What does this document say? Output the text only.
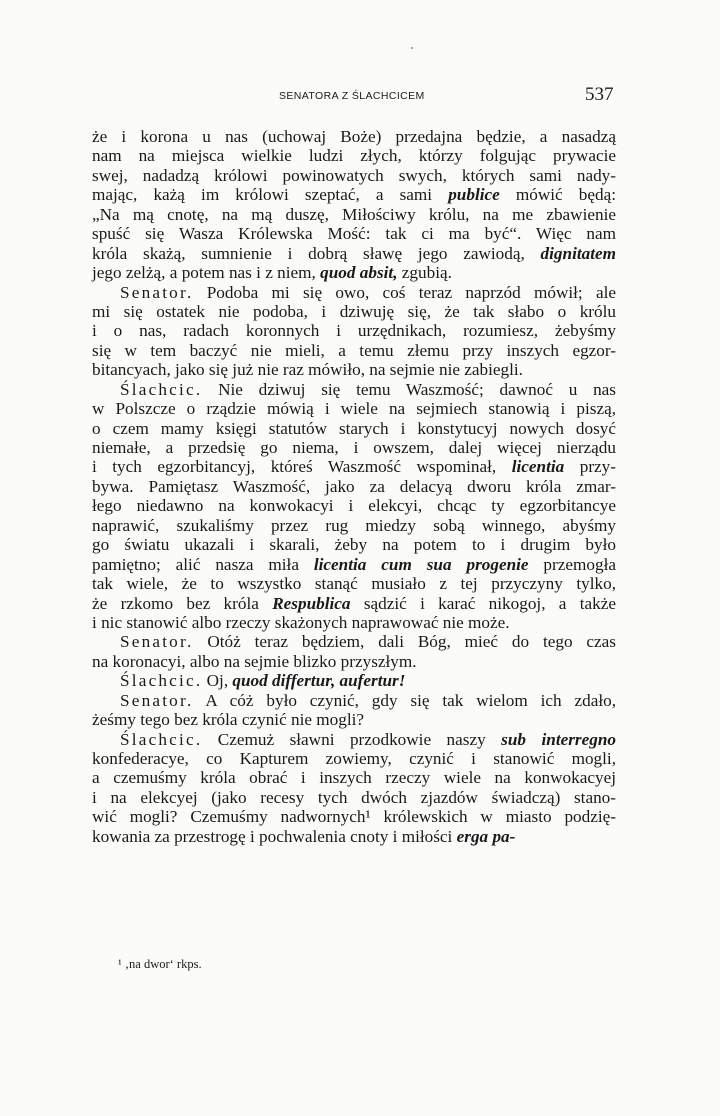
SENATORA Z ŚLACHCICEM	537
że i korona u nas (uchowaj Boże) przedajna będzie, a nasadzą
nam na miejsca wielkie ludzi złych, którzy folgując prywacie
swej, nadadzą królowi powinowatych swych, których sami nady-
mając, każą im królowi szeptać, a sami publice mówić będą:
„Na mą cnotę, na mą duszę, Miłościwy królu, na me zbawienie
spuść się Wasza Królewska Mość: tak ci ma być“. Więc nam
króla skażą, sumnienie i dobrą sławę jego zawiodą, dignitatem
jego zelżą, a potem nas i z niem, quod absit, zgubią.
Senator. Podoba mi się owo, coś teraz naprzód mówił; ale
mi się ostatek nie podoba, i dziwuję się, że tak słabo o królu
i o nas, radach koronnych i urzędnikach, rozumiesz, żebyśmy
się w tem baczyć nie mieli, a temu złemu przy inszych egzor-
bitancyach, jako się już nie raz mówiło, na sejmie nie zabiegli.
Ślachcic. Nie dziwuj się temu Waszmość; dawnoć u nas
w Polszcze o rządzie mówią i wiele na sejmiech stanowią i piszą,
o czem mamy księgi statutów starych i konstytucyj nowych dosyć
niemałe, a przedsię go niema, i owszem, dalej więcej nierządu
i tych egzorbitancyj, któreś Waszmość wspominał, licentia przy-
bywa. Pamiętasz Waszmość, jako za delacyą dworu króla zmar-
łego niedawno na konwokacyi i elekcyi, chcąc ty egzorbitancye
naprawić, szukaliśmy przez rug miedzy sobą winnego, abyśmy
go światu ukazali i skarali, żeby na potem to i drugim było
pamiętno; alić nasza miła licentia cum sua progenie przemogła
tak wiele, że to wszystko stanąć musiało z tej przyczyny tylko,
że rzkomo bez króla Respublica sądzić i karać nikogoj, a także
i nic stanowić albo rzeczy skażonych naprawować nie może.
Senator. Otóż teraz będziem, dali Bóg, mieć do tego czas
na koronacyi, albo na sejmie blizko przyszłym.
Ślachcic. Oj, quod differtur, aufertur!
Senator. A cóż było czynić, gdy się tak wielom ich zdało,
żeśmy tego bez króla czynić nie mogli?
Ślachcic. Czemuż sławni przodkowie naszy sub interregno
konfederacye, co Kapturem zowiemy, czynić i stanowić mogli,
a czemuśmy króla obrać i inszych rzeczy wiele na konwokacyej
i na elekcyej (jako recesy tych dwóch zjazdów świadczą) stano-
wić mogli? Czemuśmy nadwornych¹ królewskich w miasto podzię-
kowania za przestrogę i pochwalenia cnoty i miłości erga pa-
¹ ‚na dwor‘ rkps.
